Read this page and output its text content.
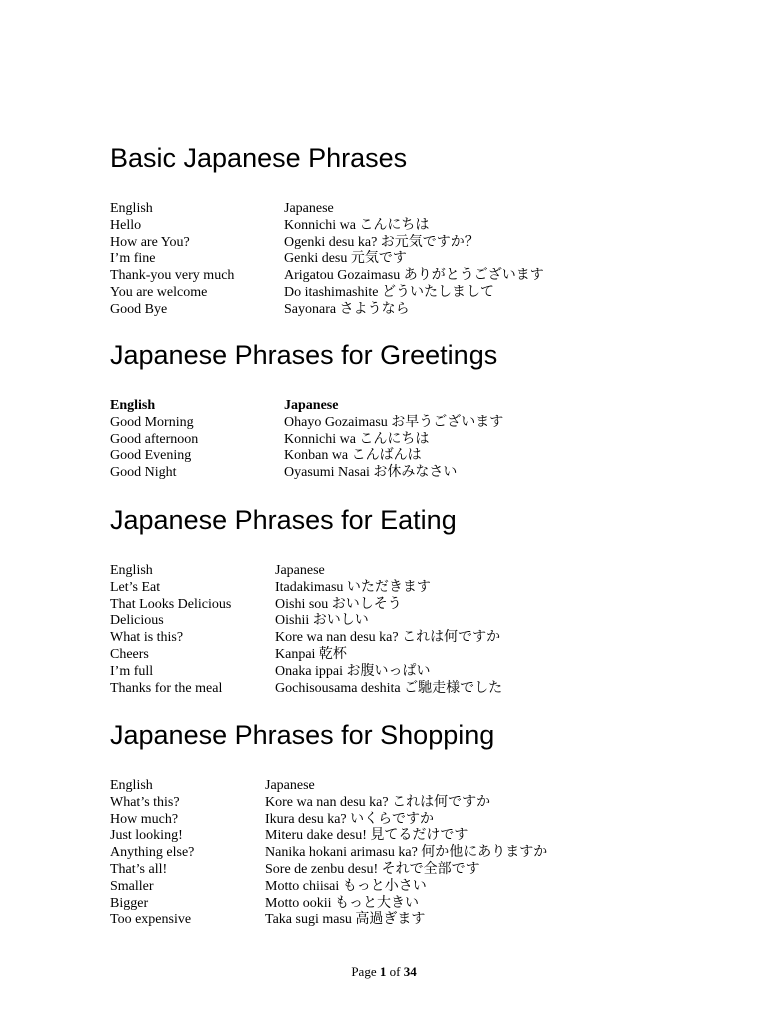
Basic Japanese Phrases
English	Japanese
Hello	Konnichi wa こんにちは
How are You?	Ogenki desu ka? お元気ですか？
I’m fine	Genki desu 元気です
Thank-you very much	Arigatou Gozaimasu ありがとうございます
You are welcome	Do itashimashite どういたしまして
Good Bye	Sayonara さようなら
Japanese Phrases for Greetings
English	Japanese
Good Morning	Ohayo Gozaimasu お早うございます
Good afternoon	Konnichi wa こんにちは
Good Evening	Konban wa こんばんは
Good Night	Oyasumi Nasai お休みなさい
Japanese Phrases for Eating
English	Japanese
Let’s Eat	Itadakimasu いただきます
That Looks Delicious	Oishi sou おいしそう
Delicious	Oishii おいしい
What is this?	Kore wa nan desu ka? これは何ですか
Cheers	Kanpai 乾杯
I’m full	Onaka ippai お腹いっぱい
Thanks for the meal	Gochisousama deshita ご馳走様でした
Japanese Phrases for Shopping
English	Japanese
What’s this?	Kore wa nan desu ka? これは何ですか
How much?	Ikura desu ka? いくらですか
Just looking!	Miteru dake desu! 見てるだけです
Anything else?	Nanika hokani arimasu ka? 何か他にありますか
That’s all!	Sore de zenbu desu! それで全部です
Smaller	Motto chiisai もっと小さい
Bigger	Motto ookii もっと大きい
Too expensive	Taka sugi masu 高過ぎます
Page 1 of 34
